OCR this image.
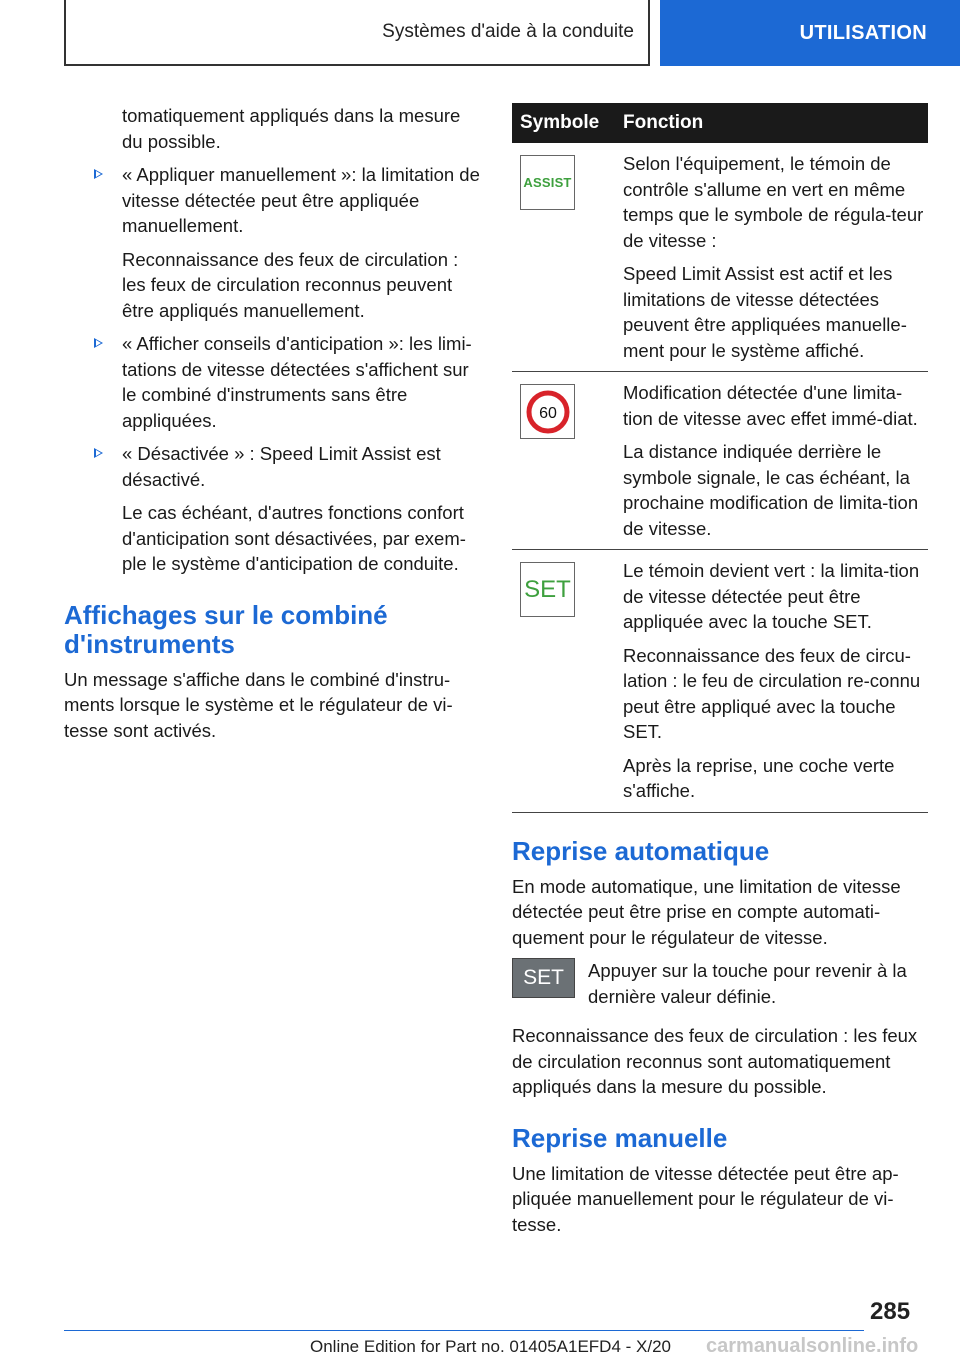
Systèmes d'aide à la conduite	UTILISATION
tomatiquement appliqués dans la mesure du possible.
« Appliquer manuellement »: la limitation de vitesse détectée peut être appliquée manuellement.
Reconnaissance des feux de circulation : les feux de circulation reconnus peuvent être appliqués manuellement.
« Afficher conseils d'anticipation »: les limi-tations de vitesse détectées s'affichent sur le combiné d'instruments sans être appliquées.
« Désactivée » : Speed Limit Assist est désactivé.
Le cas échéant, d'autres fonctions confort d'anticipation sont désactivées, par exem-ple le système d'anticipation de conduite.
Affichages sur le combiné d'instruments
Un message s'affiche dans le combiné d'instru-ments lorsque le système et le régulateur de vi-tesse sont activés.
Symbole	Fonction

ASSIST	Selon l'équipement, le témoin de contrôle s'allume en vert en même temps que le symbole de régula-teur de vitesse :

Speed Limit Assist est actif et les limitations de vitesse détectées peuvent être appliquées manuelle-ment pour le système affiché.

60	Modification détectée d'une limita-tion de vitesse avec effet immé-diat.

La distance indiquée derrière le symbole signale, le cas échéant, la prochaine modification de limita-tion de vitesse.

SET	Le témoin devient vert : la limita-tion de vitesse détectée peut être appliquée avec la touche SET.

Reconnaissance des feux de circu-lation : le feu de circulation re-connu peut être appliqué avec la touche SET.

Après la reprise, une coche verte s'affiche.

Reprise automatique
En mode automatique, une limitation de vitesse détectée peut être prise en compte automati-quement pour le régulateur de vitesse.
SET Appuyer sur la touche pour revenir à la dernière valeur définie.
Reconnaissance des feux de circulation : les feux de circulation reconnus sont automatiquement appliqués dans la mesure du possible.
Reprise manuelle
Une limitation de vitesse détectée peut être ap-pliquée manuellement pour le régulateur de vi-tesse.
285
Online Edition for Part no. 01405A1EFD4 - X/20 carmanualsonline.info
